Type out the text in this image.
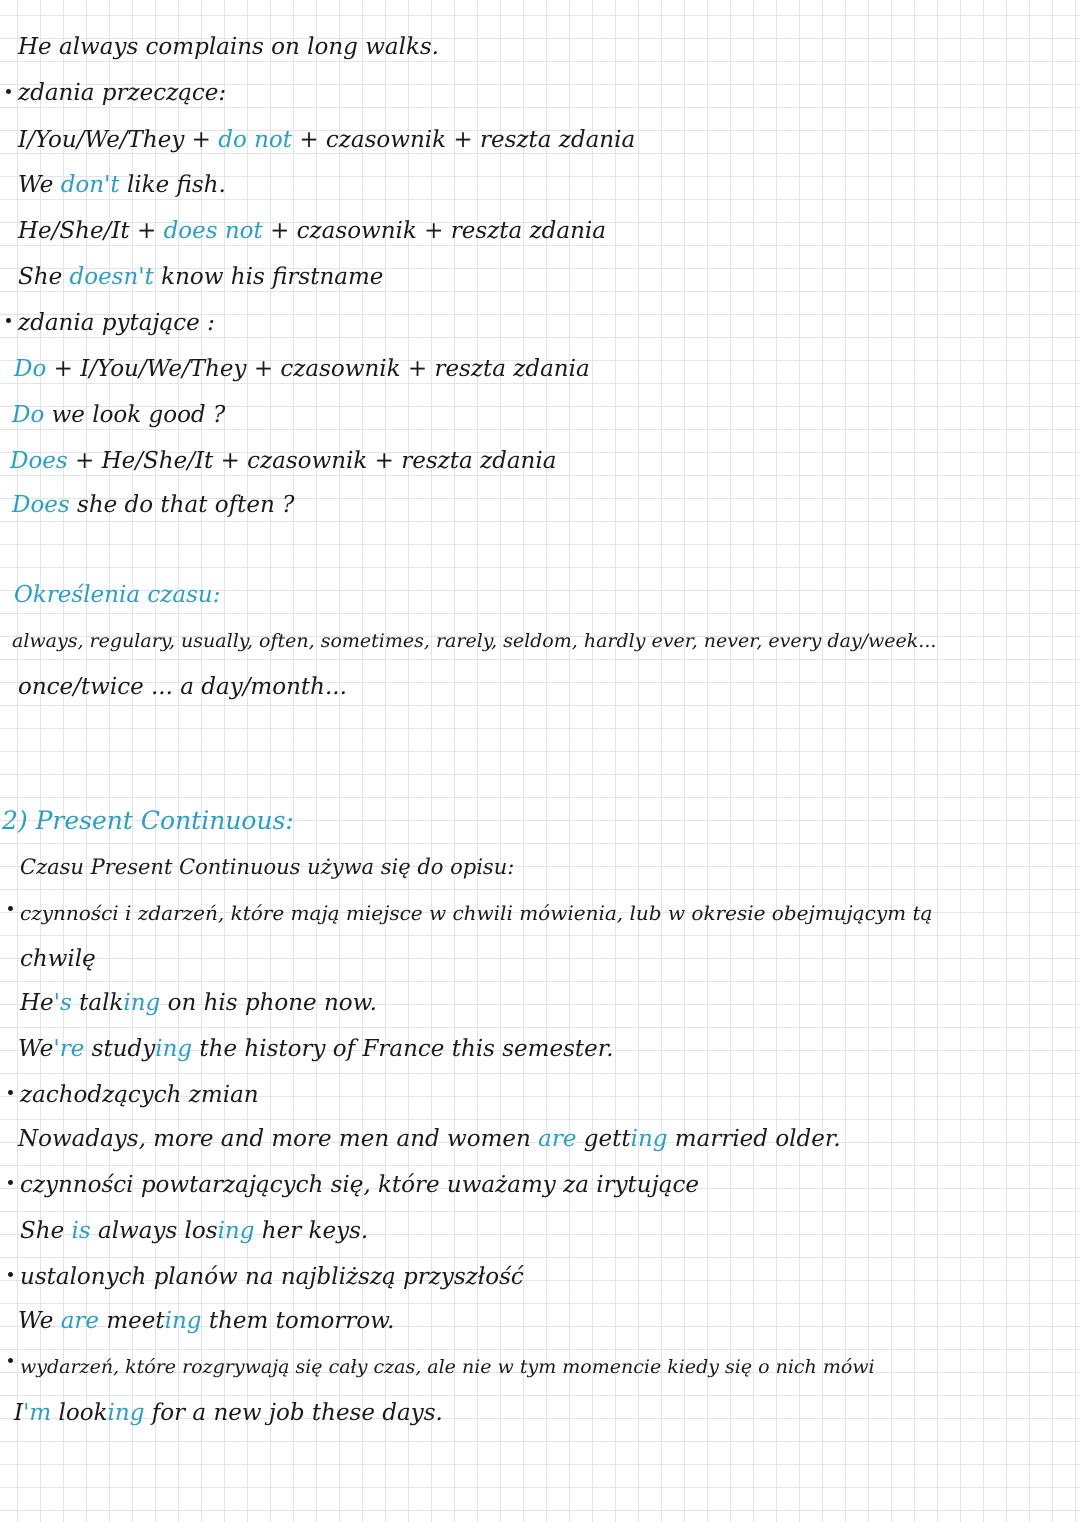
He always complains on long walks.
zdania przeczące:
I/You/We/They + do not + czasownik + reszta zdania
We don't like fish.
He/She/It + does not + czasownik + reszta zdania
She doesn't know his firstname
zdania pytające :
Do + I/You/We/They + czasownik + reszta zdania
Do we look good ?
Does + He/She/It + czasownik + reszta zdania
Does she do that often ?
Określenia czasu:
always, regulary, usually, often, sometimes, rarely, seldom, hardly ever, never, every day/week...
once/twice ... a day/month...
2) Present Continuous:
Czasu Present Continuous używa się do opisu:
czynności i zdarzeń, które mają miejsce w chwili mówienia, lub w okresie obejmującym tą
chwilę
He's talking on his phone now.
We're studying the history of France this semester.
zachodzących zmian
Nowadays, more and more men and women are getting married older.
czynności powtarzających się, które uważamy za irytujące
She is always losing her keys.
ustalonych planów na najbliższą przyszłość
We are meeting them tomorrow.
wydarzeń, które rozgrywają się cały czas, ale nie w tym momencie kiedy się o nich mówi
I'm looking for a new job these days.
